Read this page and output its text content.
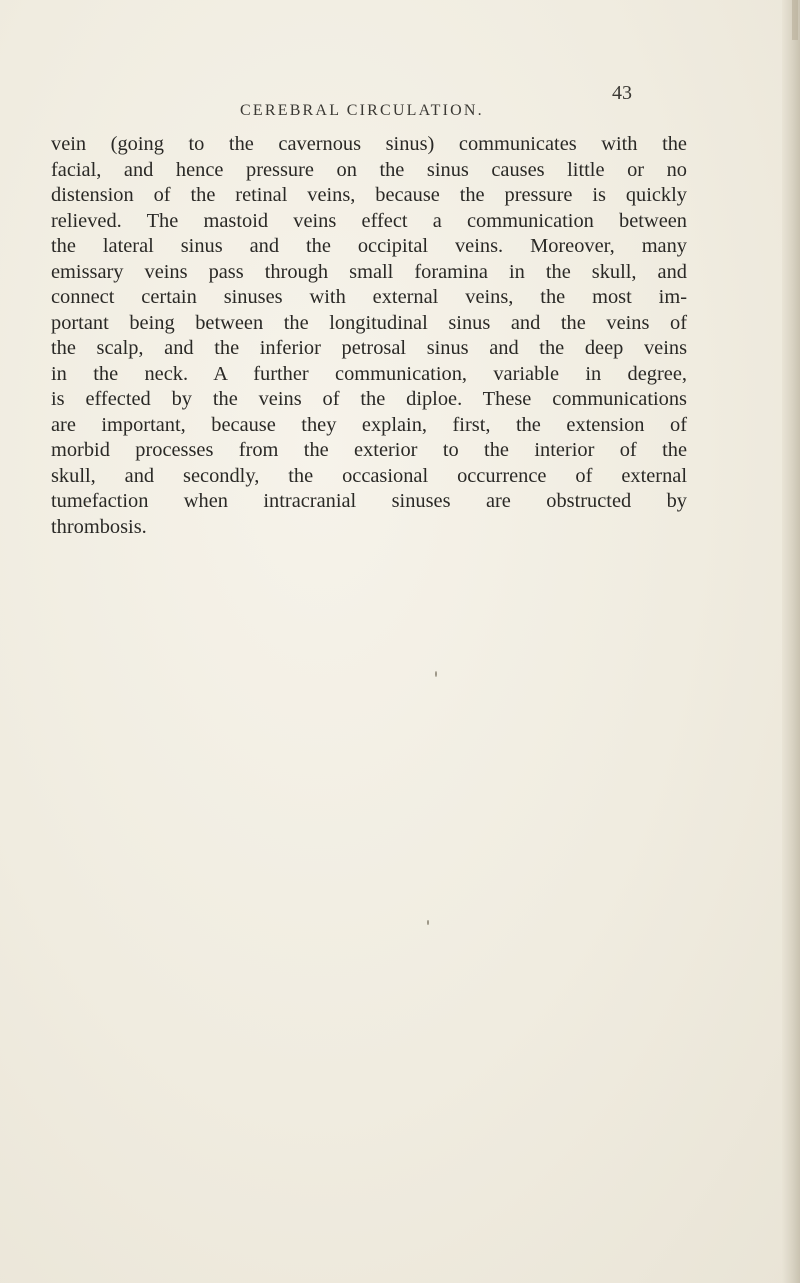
CEREBRAL CIRCULATION.
43
vein (going to the cavernous sinus) communicates with the
facial, and hence pressure on the sinus causes little or no
distension of the retinal veins, because the pressure is quickly
relieved. The mastoid veins effect a communication between
the lateral sinus and the occipital veins. Moreover, many
emissary veins pass through small foramina in the skull, and
connect certain sinuses with external veins, the most im-
portant being between the longitudinal sinus and the veins of
the scalp, and the inferior petrosal sinus and the deep veins
in the neck. A further communication, variable in degree,
is effected by the veins of the diploe. These communications
are important, because they explain, first, the extension of
morbid processes from the exterior to the interior of the
skull, and secondly, the occasional occurrence of external
tumefaction when intracranial sinuses are obstructed by
thrombosis.
